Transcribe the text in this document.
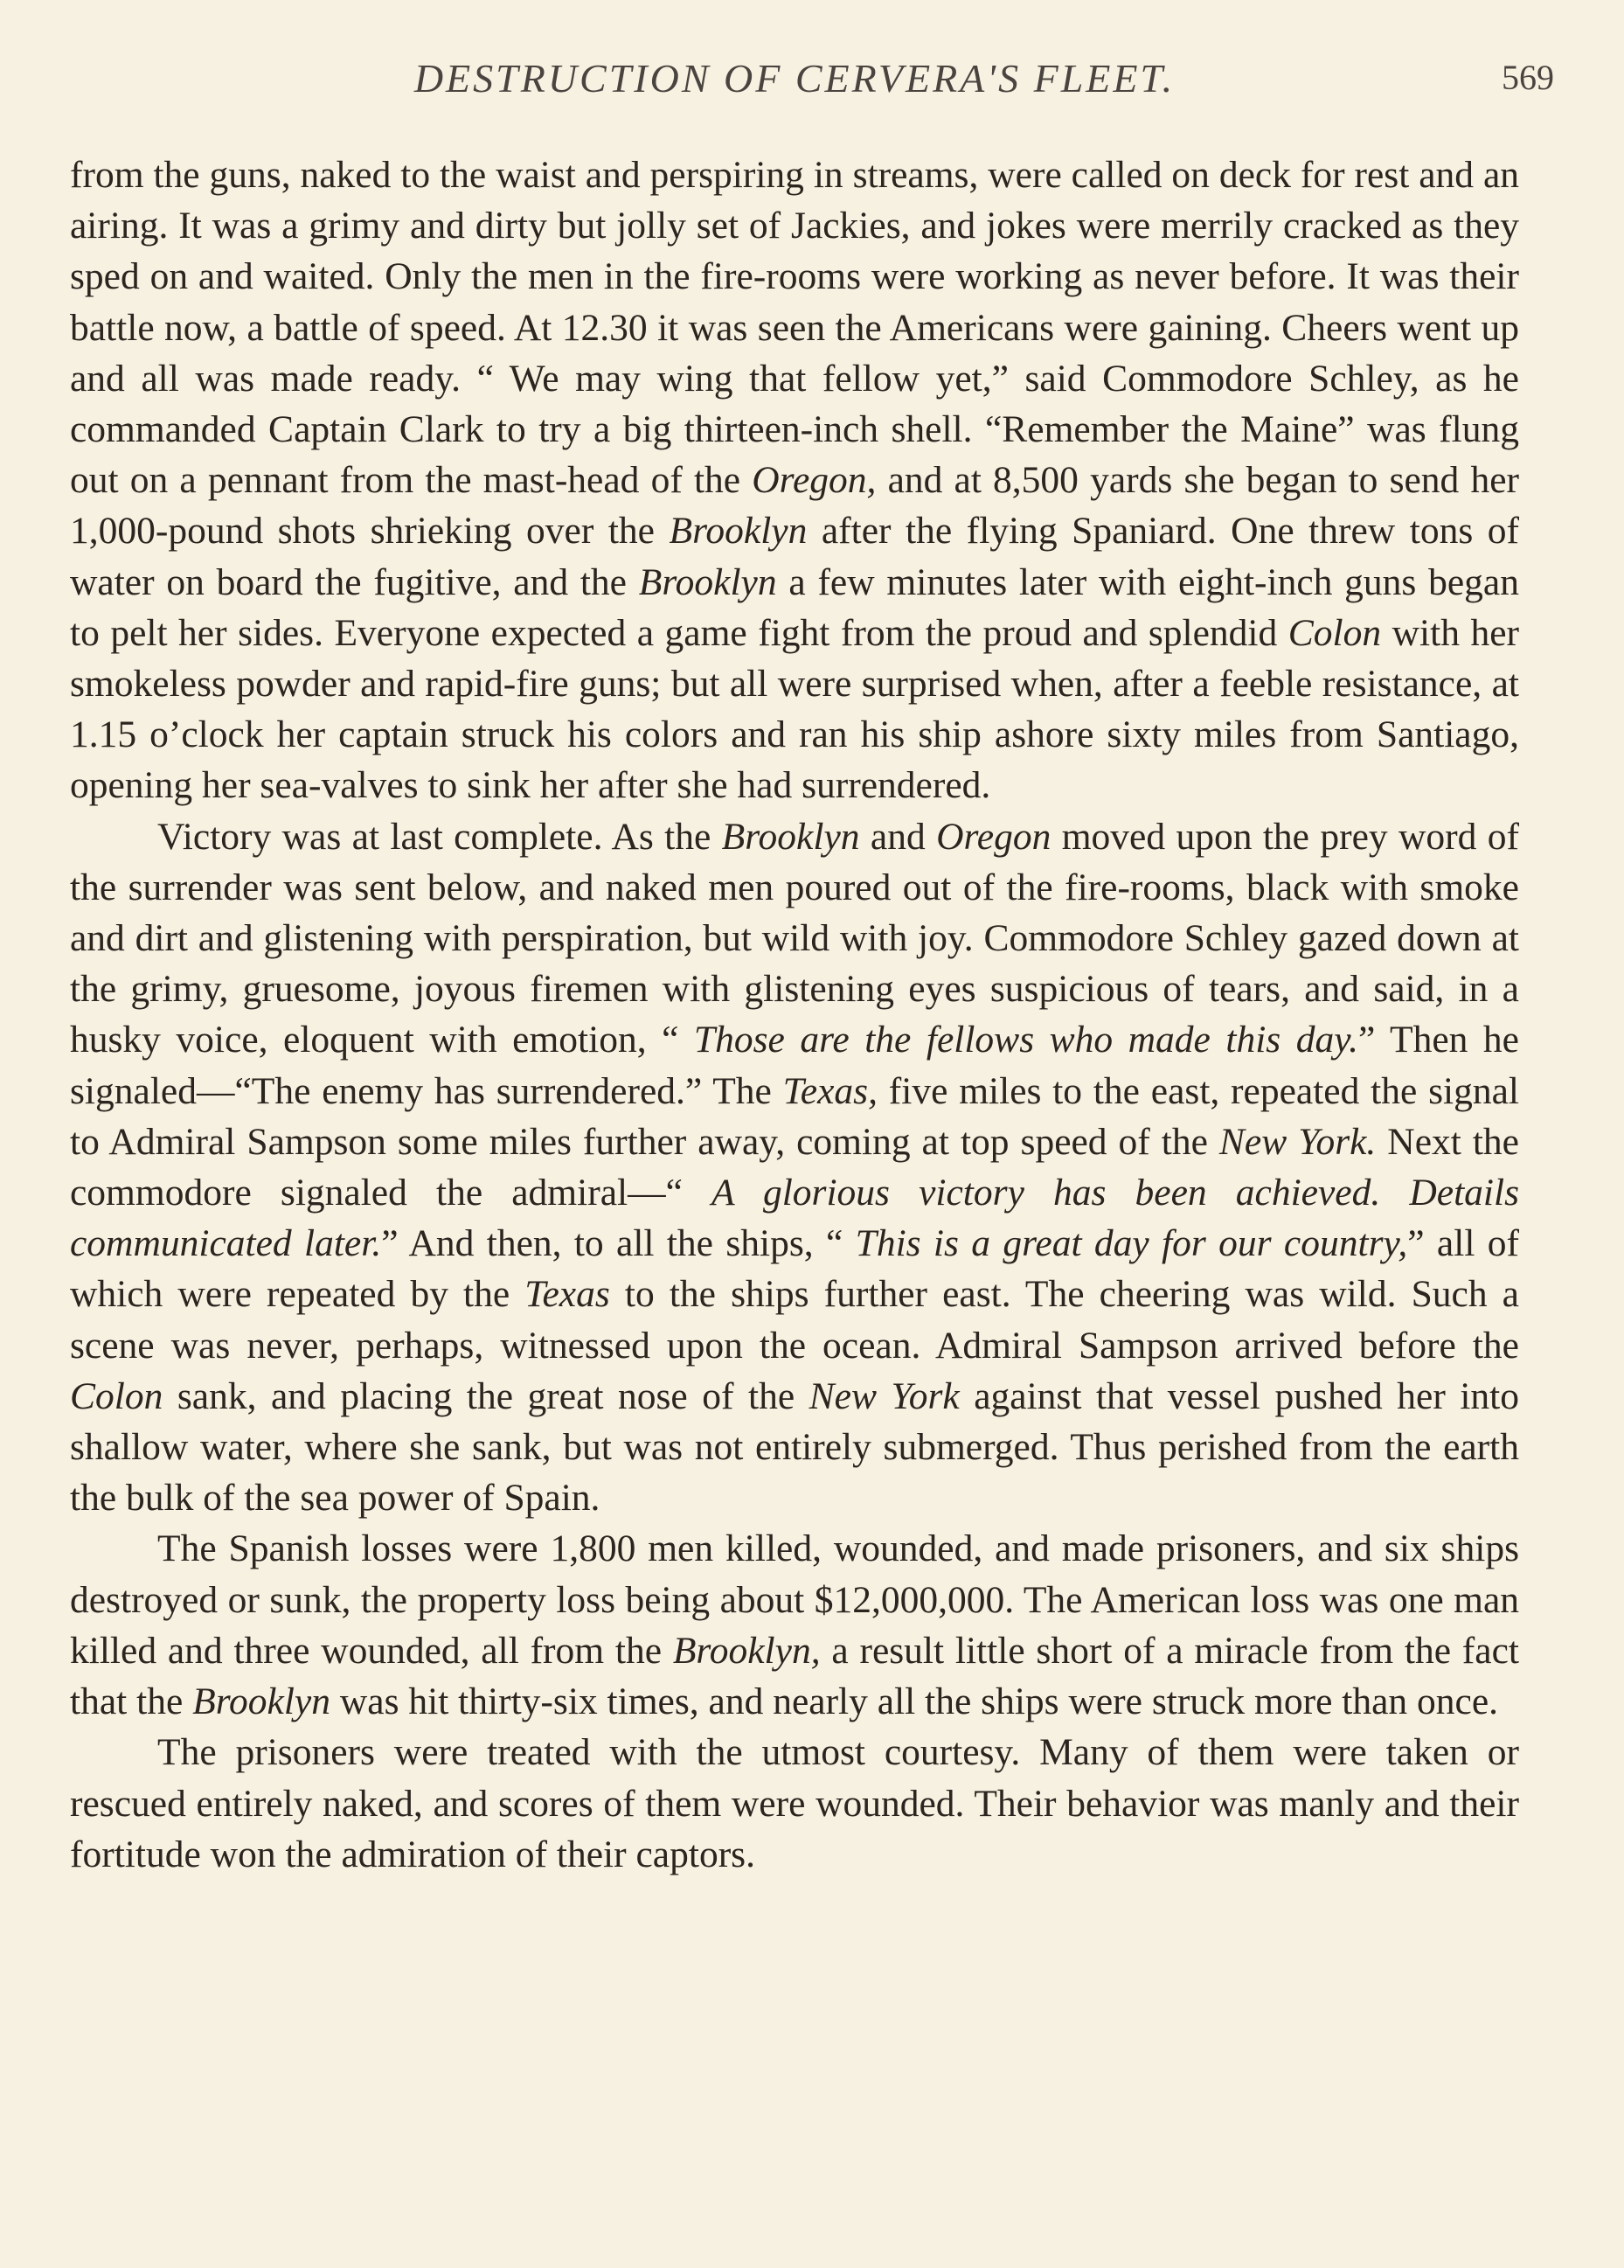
DESTRUCTION OF CERVERA'S FLEET.	569

from the guns, naked to the waist and perspiring in streams, were called on deck for rest and an airing. It was a grimy and dirty but jolly set of Jackies, and jokes were merrily cracked as they sped on and waited. Only the men in the fire-rooms were working as never before. It was their battle now, a battle of speed. At 12.30 it was seen the Americans were gaining. Cheers went up and all was made ready. “ We may wing that fellow yet,” said Commodore Schley, as he commanded Captain Clark to try a big thirteen-inch shell. “Remember the Maine” was flung out on a pennant from the mast-head of the Oregon, and at 8,500 yards she began to send her 1,000-pound shots shrieking over the Brooklyn after the flying Spaniard. One threw tons of water on board the fugitive, and the Brooklyn a few minutes later with eight-inch guns began to pelt her sides. Everyone expected a game fight from the proud and splendid Colon with her smokeless powder and rapid-fire guns; but all were surprised when, after a feeble resistance, at 1.15 o’clock her captain struck his colors and ran his ship ashore sixty miles from Santiago, opening her sea-valves to sink her after she had surrendered.

Victory was at last complete. As the Brooklyn and Oregon moved upon the prey word of the surrender was sent below, and naked men poured out of the fire-rooms, black with smoke and dirt and glistening with perspiration, but wild with joy. Commodore Schley gazed down at the grimy, gruesome, joyous firemen with glistening eyes suspicious of tears, and said, in a husky voice, eloquent with emotion, “ Those are the fellows who made this day.” Then he signaled—“The enemy has surrendered.” The Texas, five miles to the east, repeated the signal to Admiral Sampson some miles further away, coming at top speed of the New York. Next the commodore signaled the admiral—“ A glorious victory has been achieved. Details communicated later.” And then, to all the ships, “ This is a great day for our country,” all of which were repeated by the Texas to the ships further east. The cheering was wild. Such a scene was never, perhaps, witnessed upon the ocean. Admiral Sampson arrived before the Colon sank, and placing the great nose of the New York against that vessel pushed her into shallow water, where she sank, but was not entirely submerged. Thus perished from the earth the bulk of the sea power of Spain.

The Spanish losses were 1,800 men killed, wounded, and made prisoners, and six ships destroyed or sunk, the property loss being about $12,000,000. The American loss was one man killed and three wounded, all from the Brooklyn, a result little short of a miracle from the fact that the Brooklyn was hit thirty-six times, and nearly all the ships were struck more than once.

The prisoners were treated with the utmost courtesy. Many of them were taken or rescued entirely naked, and scores of them were wounded. Their behavior was manly and their fortitude won the admiration of their captors.
